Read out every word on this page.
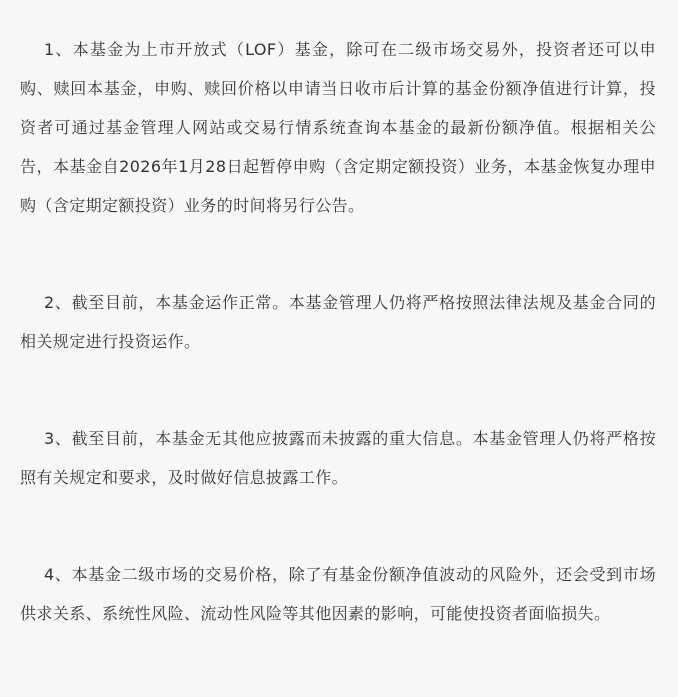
1、本基金为上市开放式（LOF）基金，除可在二级市场交易外，投资者还可以申购、赎回本基金，申购、赎回价格以申请当日收市后计算的基金份额净值进行计算，投资者可通过基金管理人网站或交易行情系统查询本基金的最新份额净值。根据相关公告，本基金自2026年1月28日起暂停申购（含定期定额投资）业务，本基金恢复办理申购（含定期定额投资）业务的时间将另行公告。

2、截至目前，本基金运作正常。本基金管理人仍将严格按照法律法规及基金合同的相关规定进行投资运作。

3、截至目前，本基金无其他应披露而未披露的重大信息。本基金管理人仍将严格按照有关规定和要求，及时做好信息披露工作。

4、本基金二级市场的交易价格，除了有基金份额净值波动的风险外，还会受到市场供求关系、系统性风险、流动性风险等其他因素的影响，可能使投资者面临损失。
